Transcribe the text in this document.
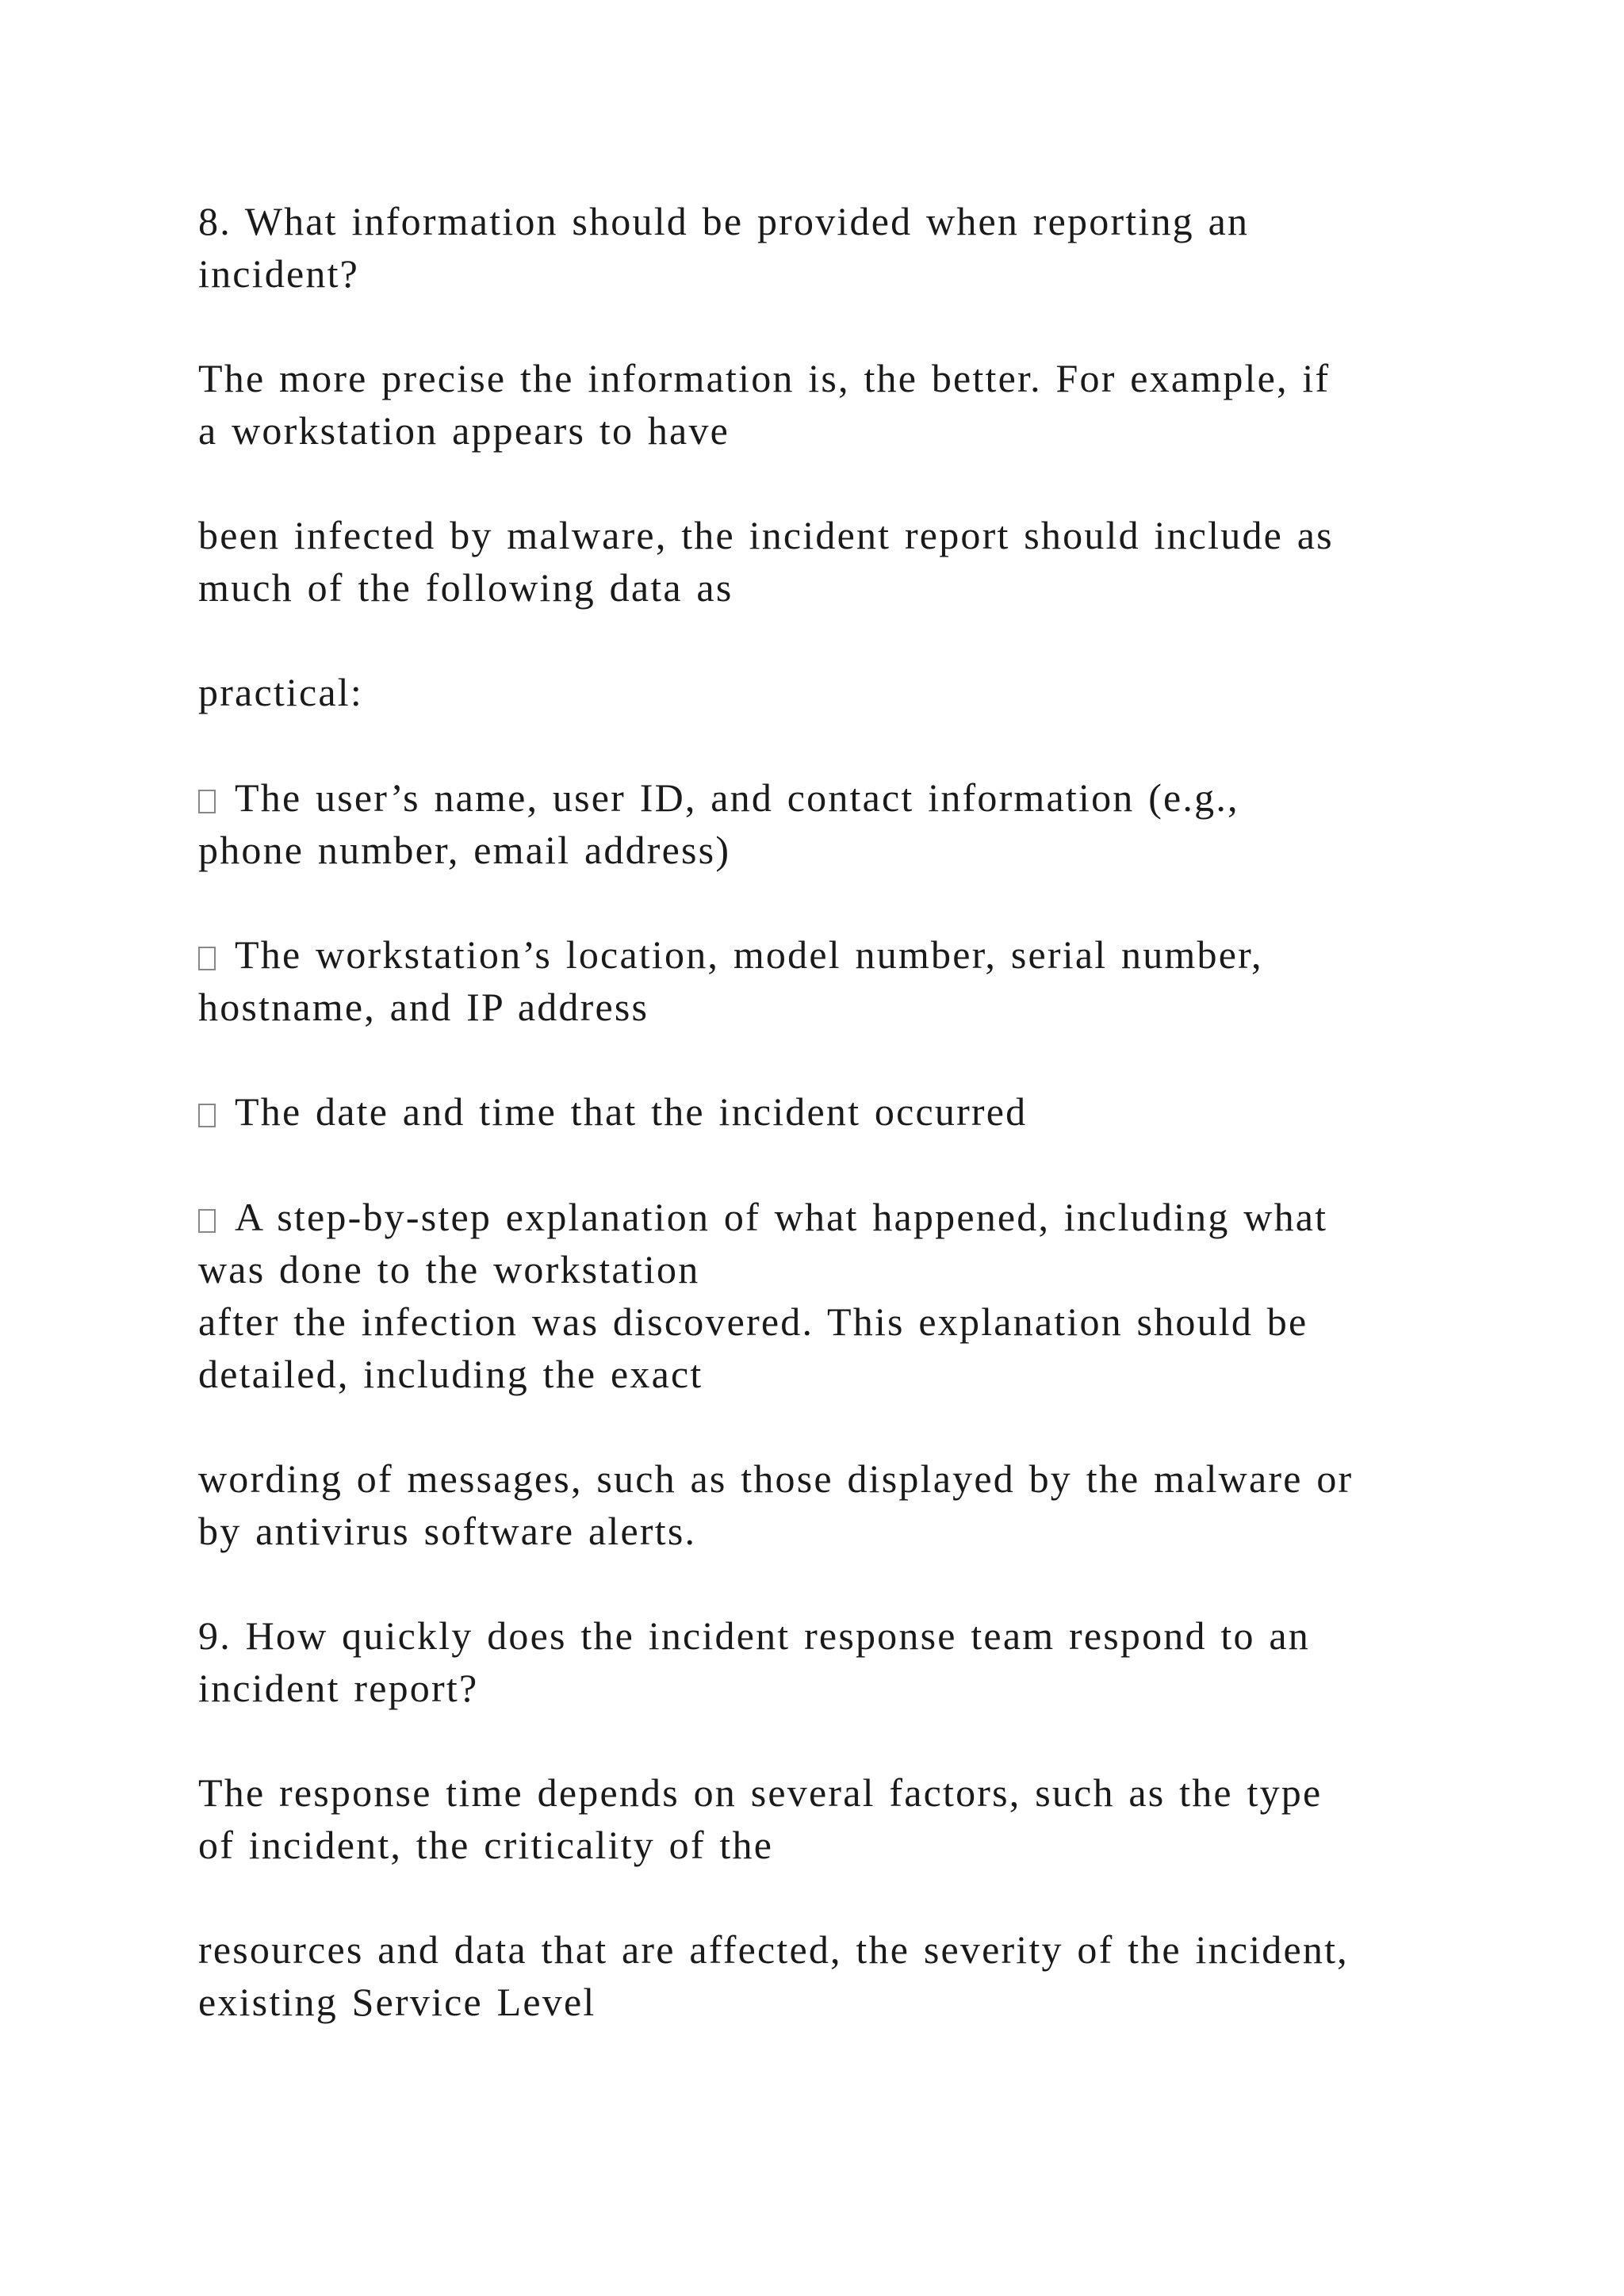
8. What information should be provided when reporting an
incident?
The more precise the information is, the better. For example, if
a workstation appears to have
been infected by malware, the incident report should include as
much of the following data as
practical:
The user’s name, user ID, and contact information (e.g.,
phone number, email address)
The workstation’s location, model number, serial number,
hostname, and IP address
The date and time that the incident occurred
A step-by-step explanation of what happened, including what
was done to the workstation
after the infection was discovered. This explanation should be
detailed, including the exact
wording of messages, such as those displayed by the malware or
by antivirus software alerts.
9. How quickly does the incident response team respond to an
incident report?
The response time depends on several factors, such as the type
of incident, the criticality of the
resources and data that are affected, the severity of the incident,
existing Service Level
